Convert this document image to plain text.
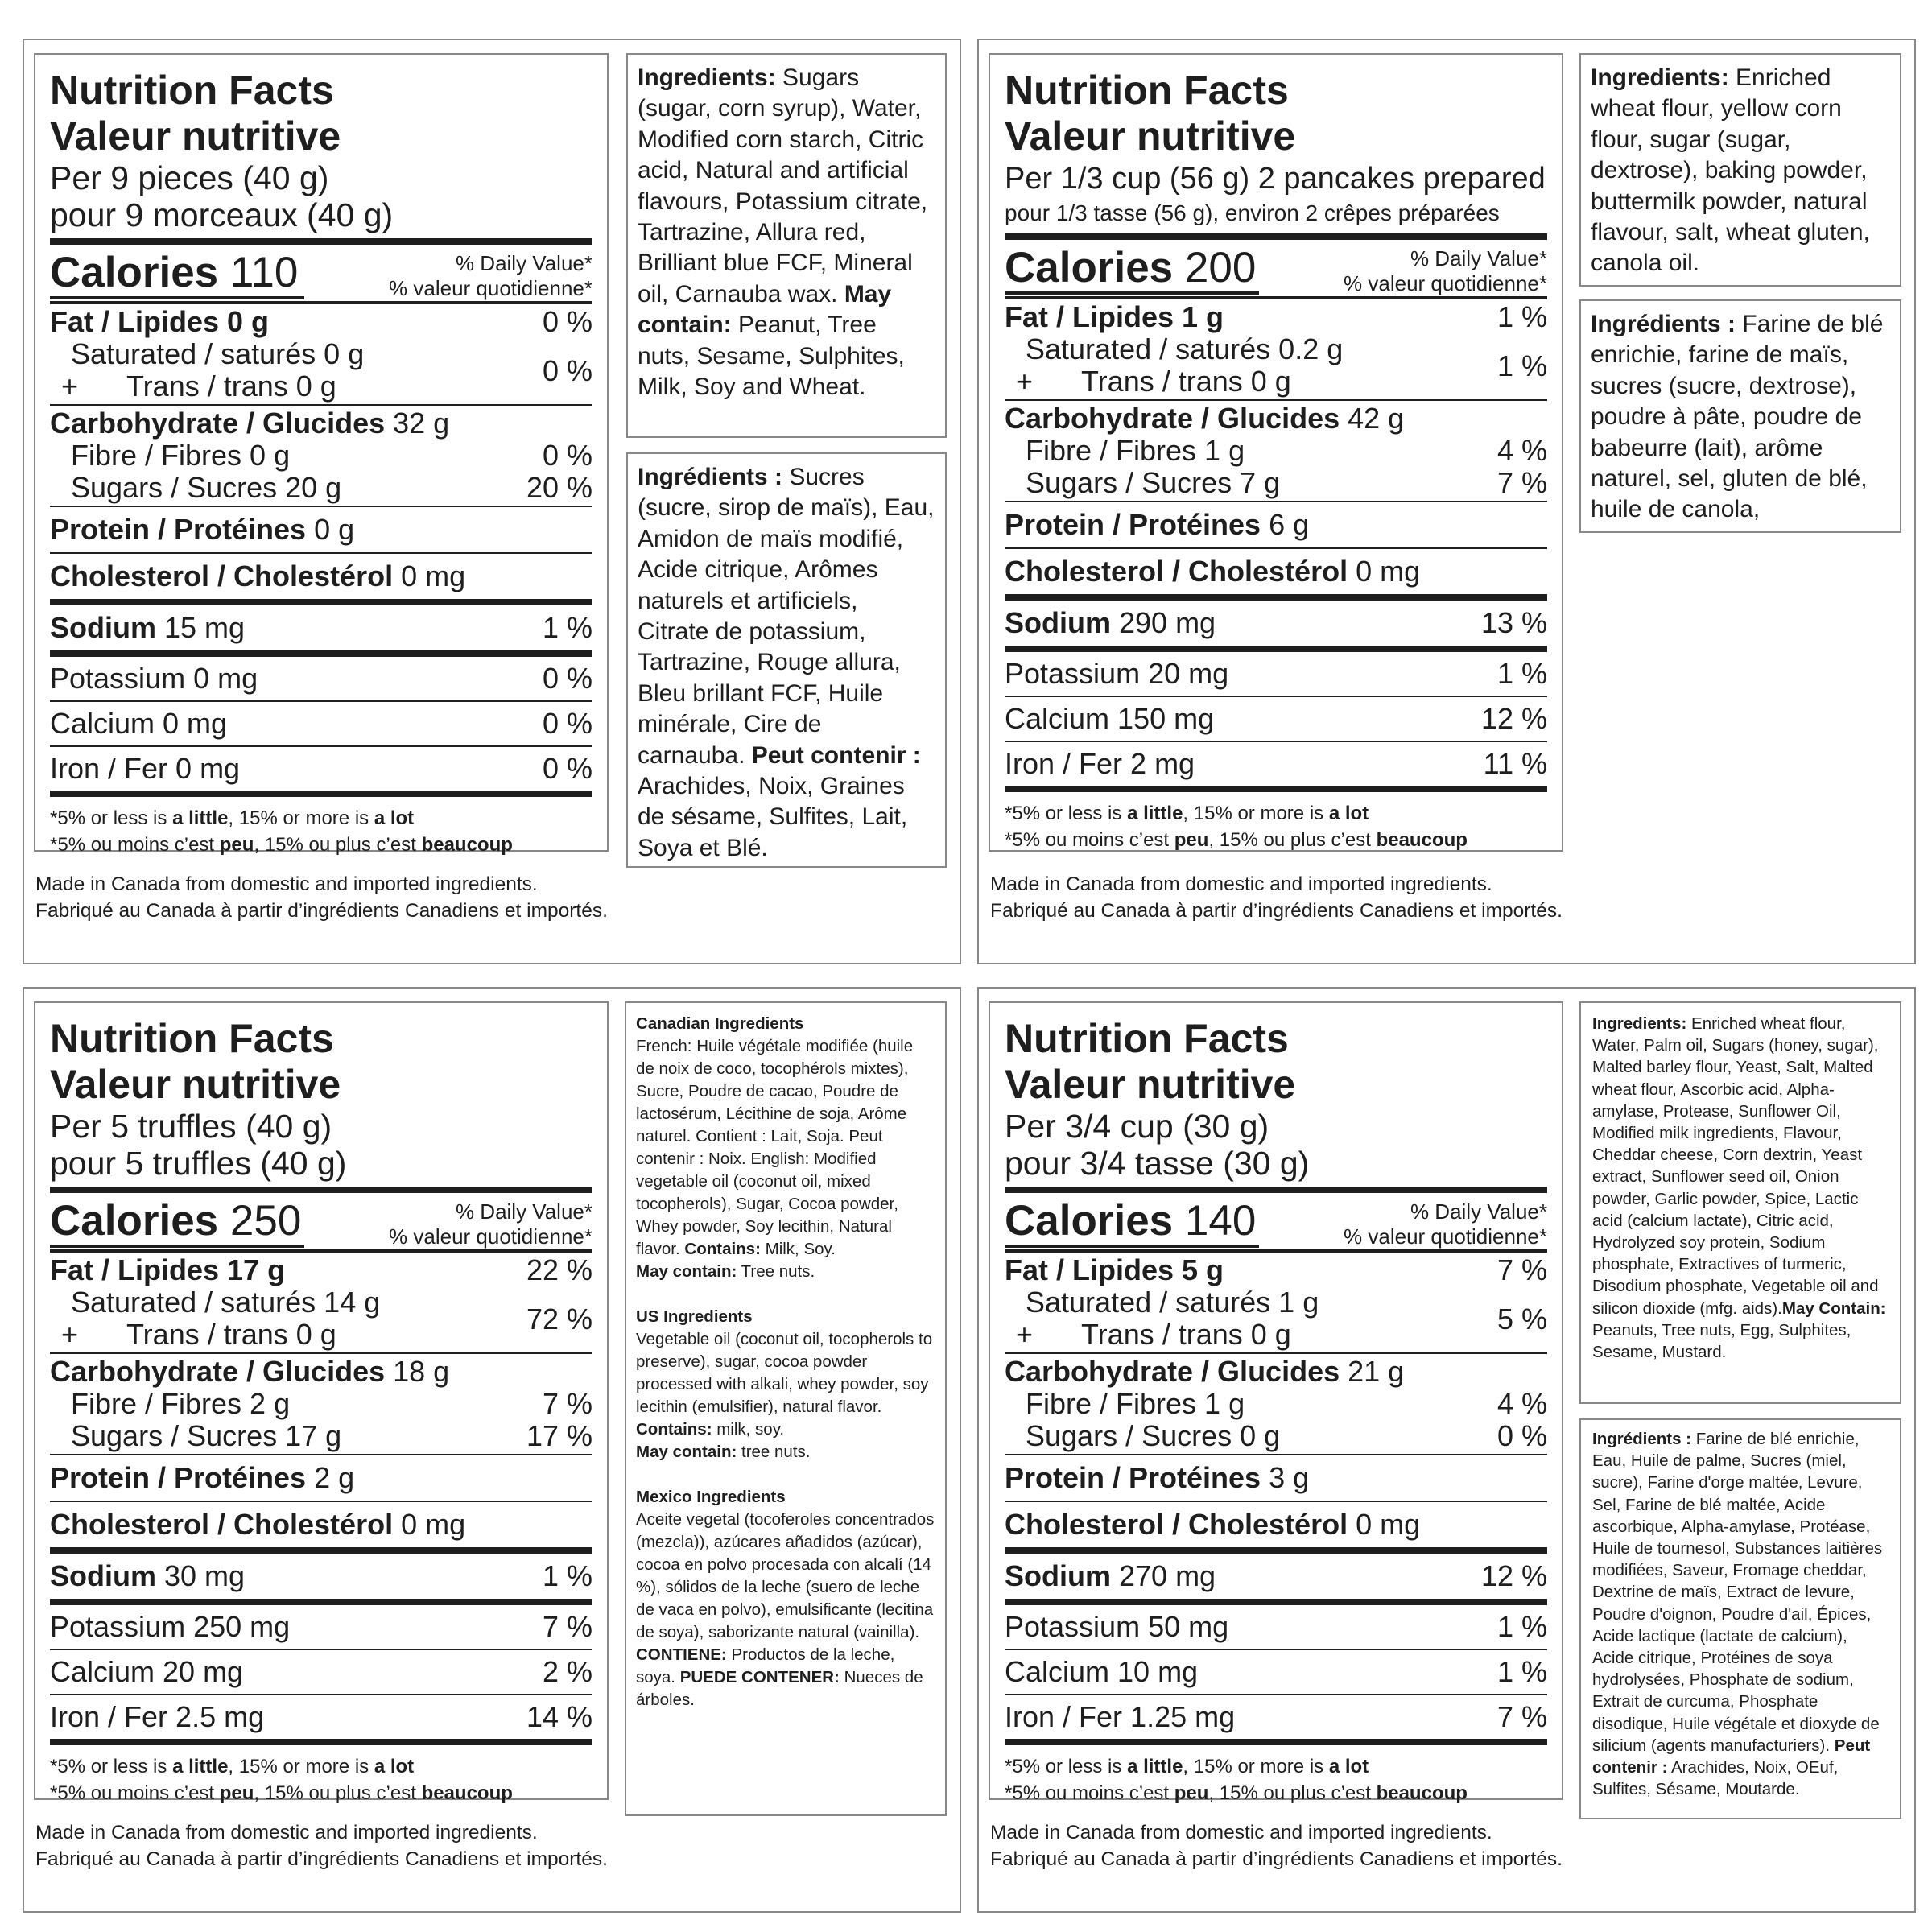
Nutrition Facts
Valeur nutritive
Per 9 pieces (40 g)
pour 9 morceaux (40 g)
Calories 110	% Daily Value*
% valeur quotidienne*
Fat / Lipides 0 g	0 %
Saturated / saturés 0 g
+ Trans / trans 0 g	0 %
Carbohydrate / Glucides 32 g
Fibre / Fibres 0 g	0 %
Sugars / Sucres 20 g	20 %
Protein / Protéines 0 g
Cholesterol / Cholestérol 0 mg
Sodium 15 mg	1 %
Potassium 0 mg	0 %
Calcium 0 mg	0 %
Iron / Fer 0 mg	0 %
*5% or less is a little, 15% or more is a lot
*5% ou moins c’est peu, 15% ou plus c’est beaucoup
Ingredients: Sugars (sugar, corn syrup), Water, Modified corn starch, Citric acid, Natural and artificial flavours, Potassium citrate, Tartrazine, Allura red, Brilliant blue FCF, Mineral oil, Carnauba wax. May contain: Peanut, Tree nuts, Sesame, Sulphites, Milk, Soy and Wheat.
Ingrédients : Sucres (sucre, sirop de maïs), Eau, Amidon de maïs modifié, Acide citrique, Arômes naturels et artificiels, Citrate de potassium, Tartrazine, Rouge allura, Bleu brillant FCF, Huile minérale, Cire de carnauba. Peut contenir : Arachides, Noix, Graines de sésame, Sulfites, Lait, Soya et Blé.
Made in Canada from domestic and imported ingredients.
Fabriqué au Canada à partir d’ingrédients Canadiens et importés.
Nutrition Facts
Valeur nutritive
Per 1/3 cup (56 g) 2 pancakes prepared
pour 1/3 tasse (56 g), environ 2 crêpes préparées
Calories 200	% Daily Value*
% valeur quotidienne*
Fat / Lipides 1 g	1 %
Saturated / saturés 0.2 g
+ Trans / trans 0 g	1 %
Carbohydrate / Glucides 42 g
Fibre / Fibres 1 g	4 %
Sugars / Sucres 7 g	7 %
Protein / Protéines 6 g
Cholesterol / Cholestérol 0 mg
Sodium 290 mg	13 %
Potassium 20 mg	1 %
Calcium 150 mg	12 %
Iron / Fer 2 mg	11 %
*5% or less is a little, 15% or more is a lot
*5% ou moins c’est peu, 15% ou plus c’est beaucoup
Ingredients: Enriched wheat flour, yellow corn flour, sugar (sugar, dextrose), baking powder, buttermilk powder, natural flavour, salt, wheat gluten, canola oil.
Ingrédients : Farine de blé enrichie, farine de maïs, sucres (sucre, dextrose), poudre à pâte, poudre de babeurre (lait), arôme naturel, sel, gluten de blé, huile de canola,
Made in Canada from domestic and imported ingredients.
Fabriqué au Canada à partir d’ingrédients Canadiens et importés.
Nutrition Facts
Valeur nutritive
Per 5 truffles (40 g)
pour 5 truffles (40 g)
Calories 250	% Daily Value*
% valeur quotidienne*
Fat / Lipides 17 g	22 %
Saturated / saturés 14 g
+ Trans / trans 0 g	72 %
Carbohydrate / Glucides 18 g
Fibre / Fibres 2 g	7 %
Sugars / Sucres 17 g	17 %
Protein / Protéines 2 g
Cholesterol / Cholestérol 0 mg
Sodium 30 mg	1 %
Potassium 250 mg	7 %
Calcium 20 mg	2 %
Iron / Fer 2.5 mg	14 %
*5% or less is a little, 15% or more is a lot
*5% ou moins c’est peu, 15% ou plus c’est beaucoup
Canadian Ingredients
French: Huile végétale modifiée (huile de noix de coco, tocophérols mixtes), Sucre, Poudre de cacao, Poudre de lactosérum, Lécithine de soja, Arôme naturel. Contient : Lait, Soja. Peut contenir : Noix. English: Modified vegetable oil (coconut oil, mixed tocopherols), Sugar, Cocoa powder, Whey powder, Soy lecithin, Natural flavor. Contains: Milk, Soy.
May contain: Tree nuts.
US Ingredients
Vegetable oil (coconut oil, tocopherols to preserve), sugar, cocoa powder processed with alkali, whey powder, soy lecithin (emulsifier), natural flavor.
Contains: milk, soy.
May contain: tree nuts.
Mexico Ingredients
Aceite vegetal (tocoferoles concentrados (mezcla)), azúcares añadidos (azúcar), cocoa en polvo procesada con alcalí (14 %), sólidos de la leche (suero de leche de vaca en polvo), emulsificante (lecitina
de soya), saborizante natural (vainilla). CONTIENE: Productos de la leche, soya. PUEDE CONTENER: Nueces de árboles.
Made in Canada from domestic and imported ingredients.
Fabriqué au Canada à partir d’ingrédients Canadiens et importés.
Nutrition Facts
Valeur nutritive
Per 3/4 cup (30 g)
pour 3/4 tasse (30 g)
Calories 140	% Daily Value*
% valeur quotidienne*
Fat / Lipides 5 g	7 %
Saturated / saturés 1 g
+ Trans / trans 0 g	5 %
Carbohydrate / Glucides 21 g
Fibre / Fibres 1 g	4 %
Sugars / Sucres 0 g	0 %
Protein / Protéines 3 g
Cholesterol / Cholestérol 0 mg
Sodium 270 mg	12 %
Potassium 50 mg	1 %
Calcium 10 mg	1 %
Iron / Fer 1.25 mg	7 %
*5% or less is a little, 15% or more is a lot
*5% ou moins c’est peu, 15% ou plus c’est beaucoup
Ingredients: Enriched wheat flour, Water, Palm oil, Sugars (honey, sugar), Malted barley flour, Yeast, Salt, Malted wheat flour, Ascorbic acid, Alpha-amylase, Protease, Sunflower Oil, Modified milk ingredients, Flavour, Cheddar cheese, Corn dextrin, Yeast extract, Sunflower seed oil, Onion powder, Garlic powder, Spice, Lactic acid (calcium lactate), Citric acid, Hydrolyzed soy protein, Sodium phosphate, Extractives of turmeric, Disodium phosphate, Vegetable oil and silicon dioxide (mfg. aids).May Contain: Peanuts, Tree nuts, Egg, Sulphites, Sesame, Mustard.
Ingrédients : Farine de blé enrichie, Eau, Huile de palme, Sucres (miel, sucre), Farine d'orge maltée, Levure, Sel, Farine de blé maltée, Acide ascorbique, Alpha-amylase, Protéase, Huile de tournesol, Substances laitières modifiées, Saveur, Fromage cheddar, Dextrine de maïs, Extract de levure, Poudre d'oignon, Poudre d'ail, Épices, Acide lactique (lactate de calcium), Acide citrique, Protéines de soya hydrolysées, Phosphate de sodium, Extrait de curcuma, Phosphate disodique, Huile végétale et dioxyde de silicium (agents manufacturiers). Peut contenir : Arachides, Noix, OEuf, Sulfites, Sésame, Moutarde.
Made in Canada from domestic and imported ingredients.
Fabriqué au Canada à partir d’ingrédients Canadiens et importés.
